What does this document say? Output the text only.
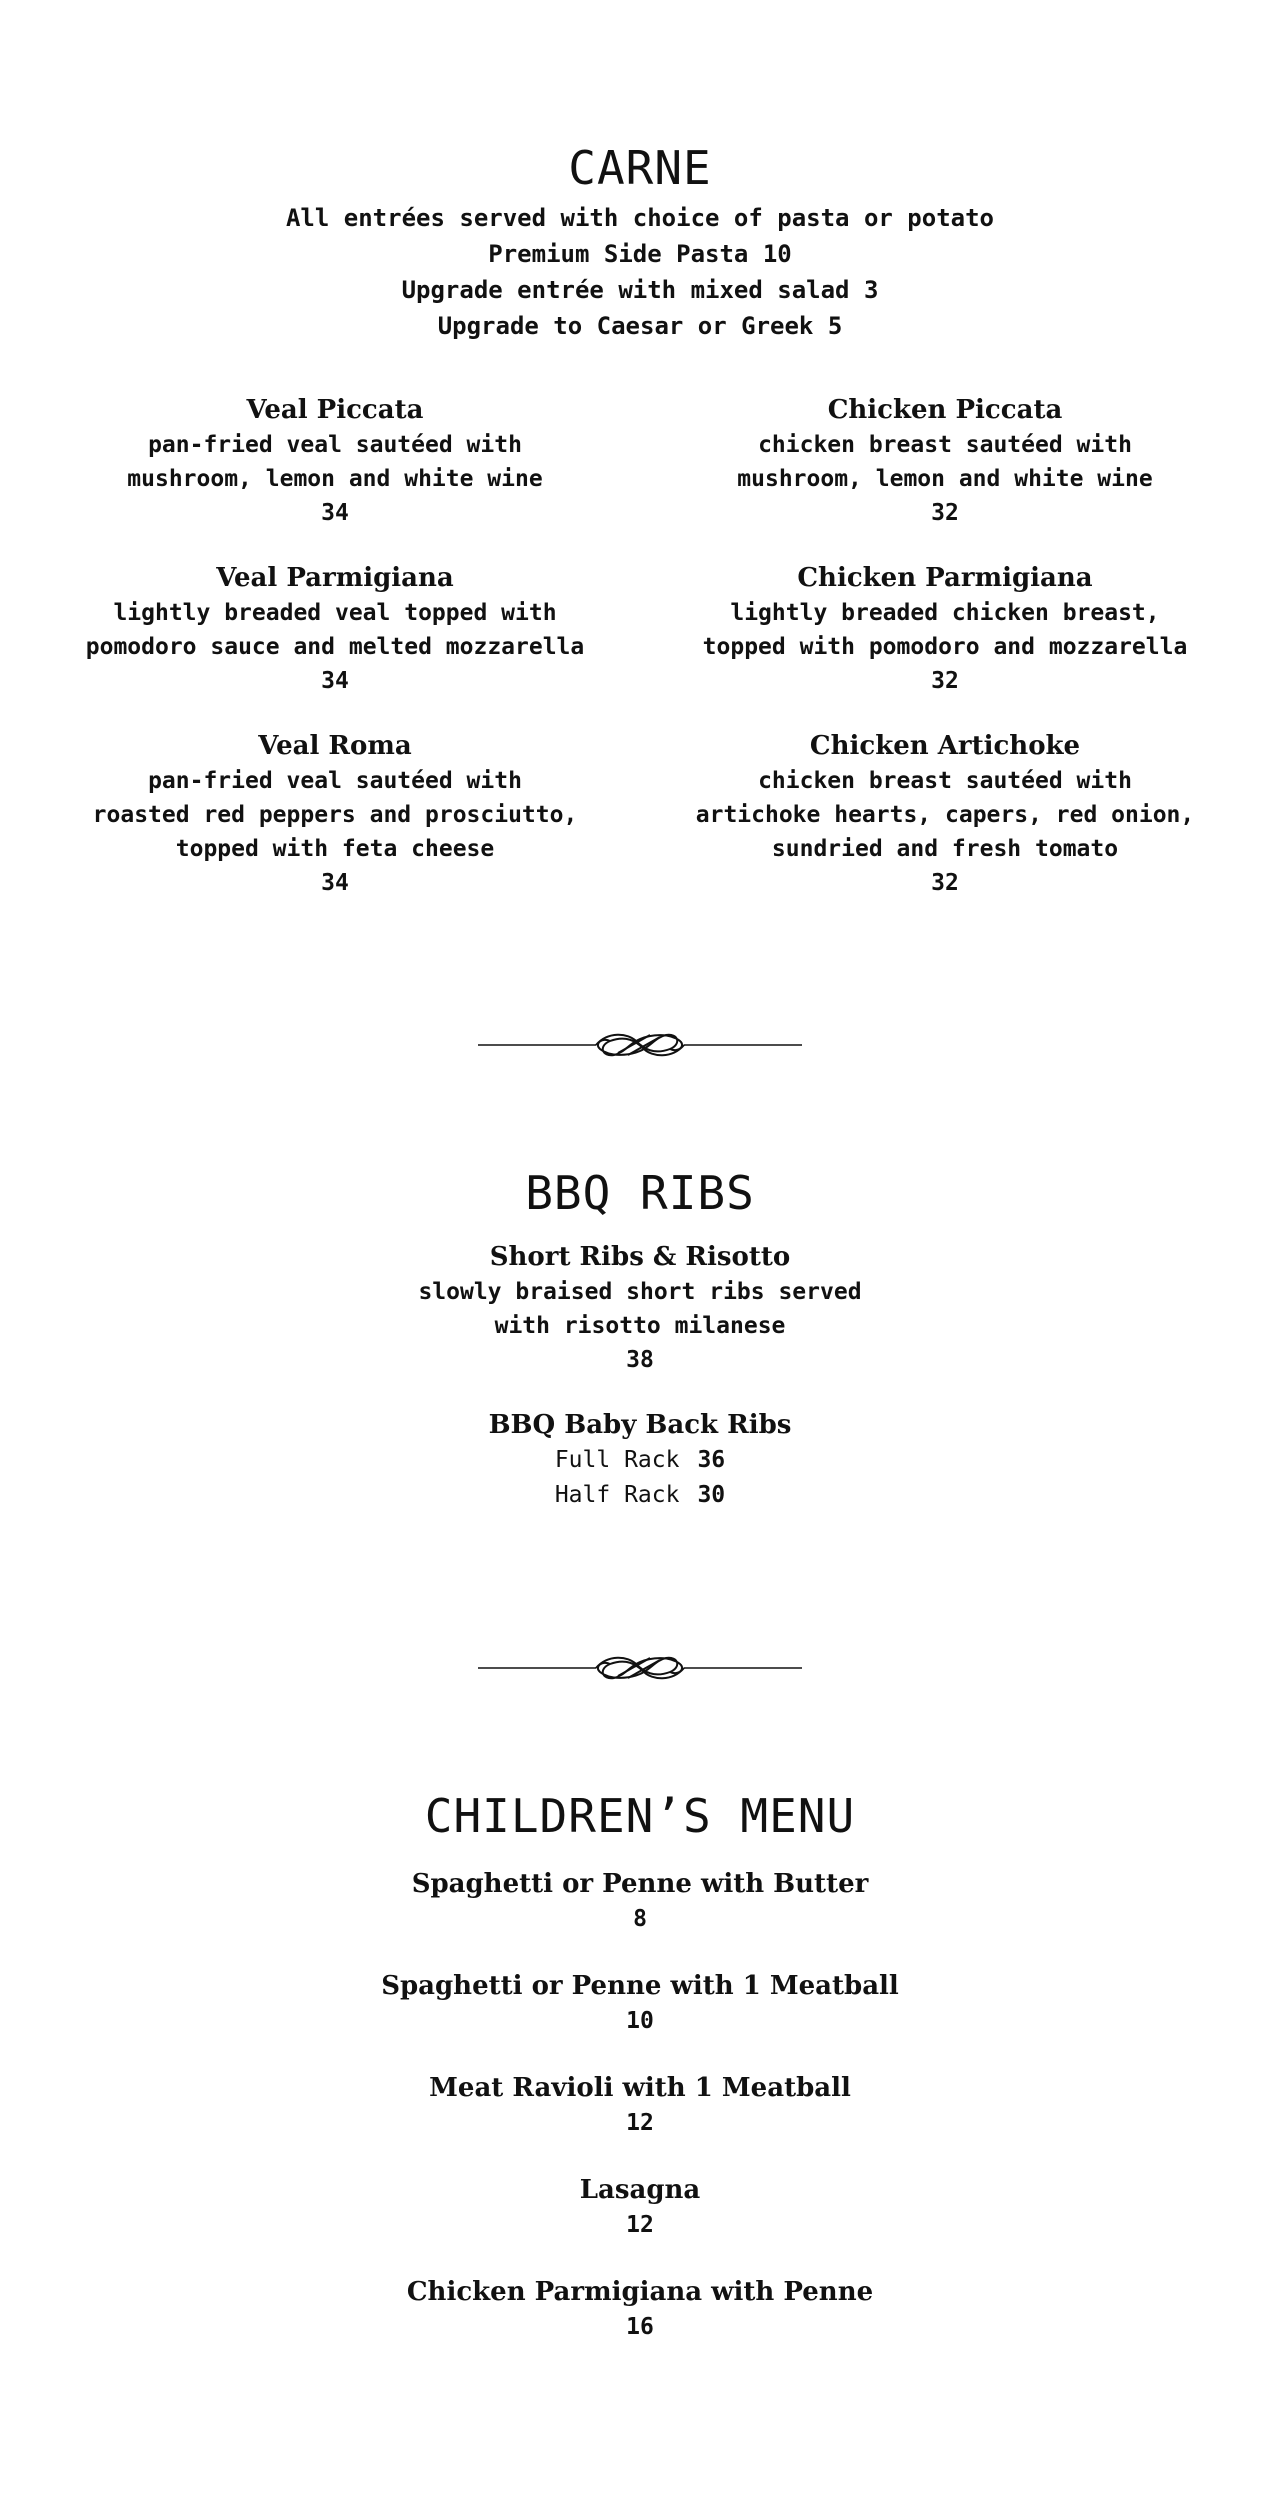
CARNE
All entrées served with choice of pasta or potato
Premium Side Pasta 10
Upgrade entrée with mixed salad 3
Upgrade to Caesar or Greek 5
Veal Piccata
pan-fried veal sautéed with
mushroom, lemon and white wine
34
Veal Parmigiana
lightly breaded veal topped with
pomodoro sauce and melted mozzarella
34
Veal Roma
pan-fried veal sautéed with
roasted red peppers and prosciutto,
topped with feta cheese
34
Chicken Piccata
chicken breast sautéed with
mushroom, lemon and white wine
32
Chicken Parmigiana
lightly breaded chicken breast,
topped with pomodoro and mozzarella
32
Chicken Artichoke
chicken breast sautéed with
artichoke hearts, capers, red onion,
sundried and fresh tomato
32
BBQ RIBS
Short Ribs & Risotto
slowly braised short ribs served
with risotto milanese
38
BBQ Baby Back Ribs
Full Rack 36
Half Rack 30
CHILDREN’S MENU
Spaghetti or Penne with Butter
8
Spaghetti or Penne with 1 Meatball
10
Meat Ravioli with 1 Meatball
12
Lasagna
12
Chicken Parmigiana with Penne
16
